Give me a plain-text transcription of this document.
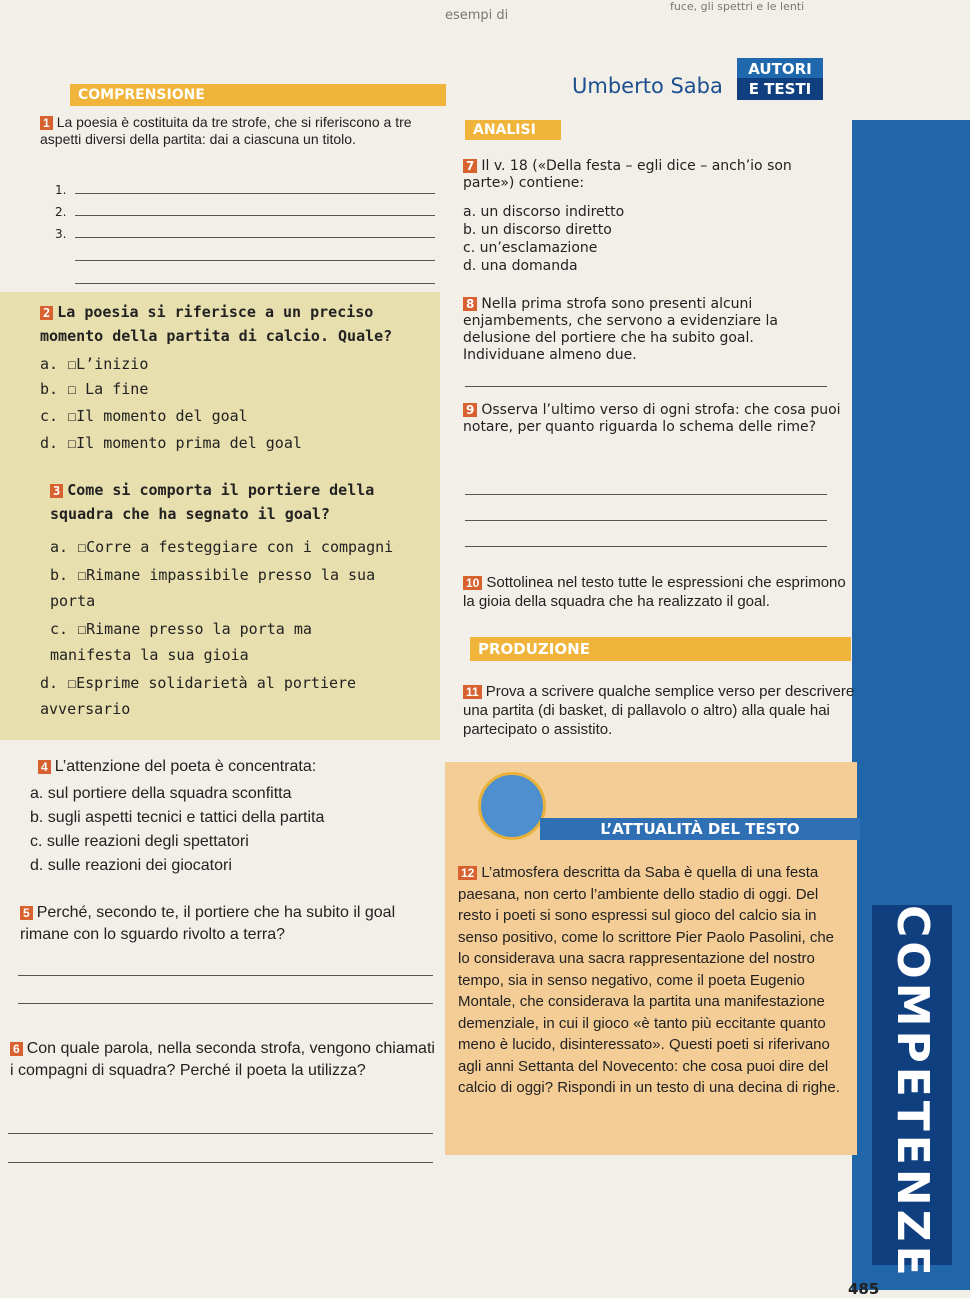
esempi di
fuce, gli spettri e le lenti
Umberto Saba
AUTORI
E TESTI
COMPETENZE
COMPRENSIONE
1 La poesia è costituita da tre strofe, che si riferiscono a tre aspetti diversi della partita: dai a ciascuna un titolo.
1.
2.
3.
2 La poesia si riferisce a un preciso momento della partita di calcio. Quale?
a. ☐L’inizio
b. ☐ La fine
c. ☐Il momento del goal
d. ☐Il momento prima del goal
3 Come si comporta il portiere della squadra che ha segnato il goal?
a. ☐Corre a festeggiare con i compagni
b. ☐Rimane impassibile presso la sua porta
c. ☐Rimane presso la porta ma manifesta la sua gioia
d. ☐Esprime solidarietà al portiere avversario
4 L’attenzione del poeta è concentrata:
a. sul portiere della squadra sconfitta
b. sugli aspetti tecnici e tattici della partita
c. sulle reazioni degli spettatori
d. sulle reazioni dei giocatori
5 Perché, secondo te, il portiere che ha subito il goal rimane con lo sguardo rivolto a terra?
6 Con quale parola, nella seconda strofa, vengono chiamati i compagni di squadra? Perché il poeta la utilizza?
ANALISI
7 Il v. 18 («Della festa – egli dice – anch’io son parte») contiene:
a. un discorso indiretto
b. un discorso diretto
c. un’esclamazione
d. una domanda
8 Nella prima strofa sono presenti alcuni enjambements, che servono a evidenziare la delusione del portiere che ha subito goal. Individuane almeno due.
9 Osserva l’ultimo verso di ogni strofa: che cosa puoi notare, per quanto riguarda lo schema delle rime?
10 Sottolinea nel testo tutte le espressioni che esprimono la gioia della squadra che ha realizzato il goal.
PRODUZIONE
11 Prova a scrivere qualche semplice verso per descrivere una partita (di basket, di pallavolo o altro) alla quale hai partecipato o assistito.
L’ATTUALITÀ DEL TESTO
12 L’atmosfera descritta da Saba è quella di una festa paesana, non certo l’ambiente dello stadio di oggi. Del resto i poeti si sono espressi sul gioco del calcio sia in senso positivo, come lo scrittore Pier Paolo Pasolini, che lo considerava una sacra rappresentazione del nostro tempo, sia in senso negativo, come il poeta Eugenio Montale, che considerava la partita una manifestazione demenziale, in cui il gioco «è tanto più eccitante quanto meno è lucido, disinteressato». Questi poeti si riferivano agli anni Settanta del Novecento: che cosa puoi dire del calcio di oggi? Rispondi in un testo di una decina di righe.
485
